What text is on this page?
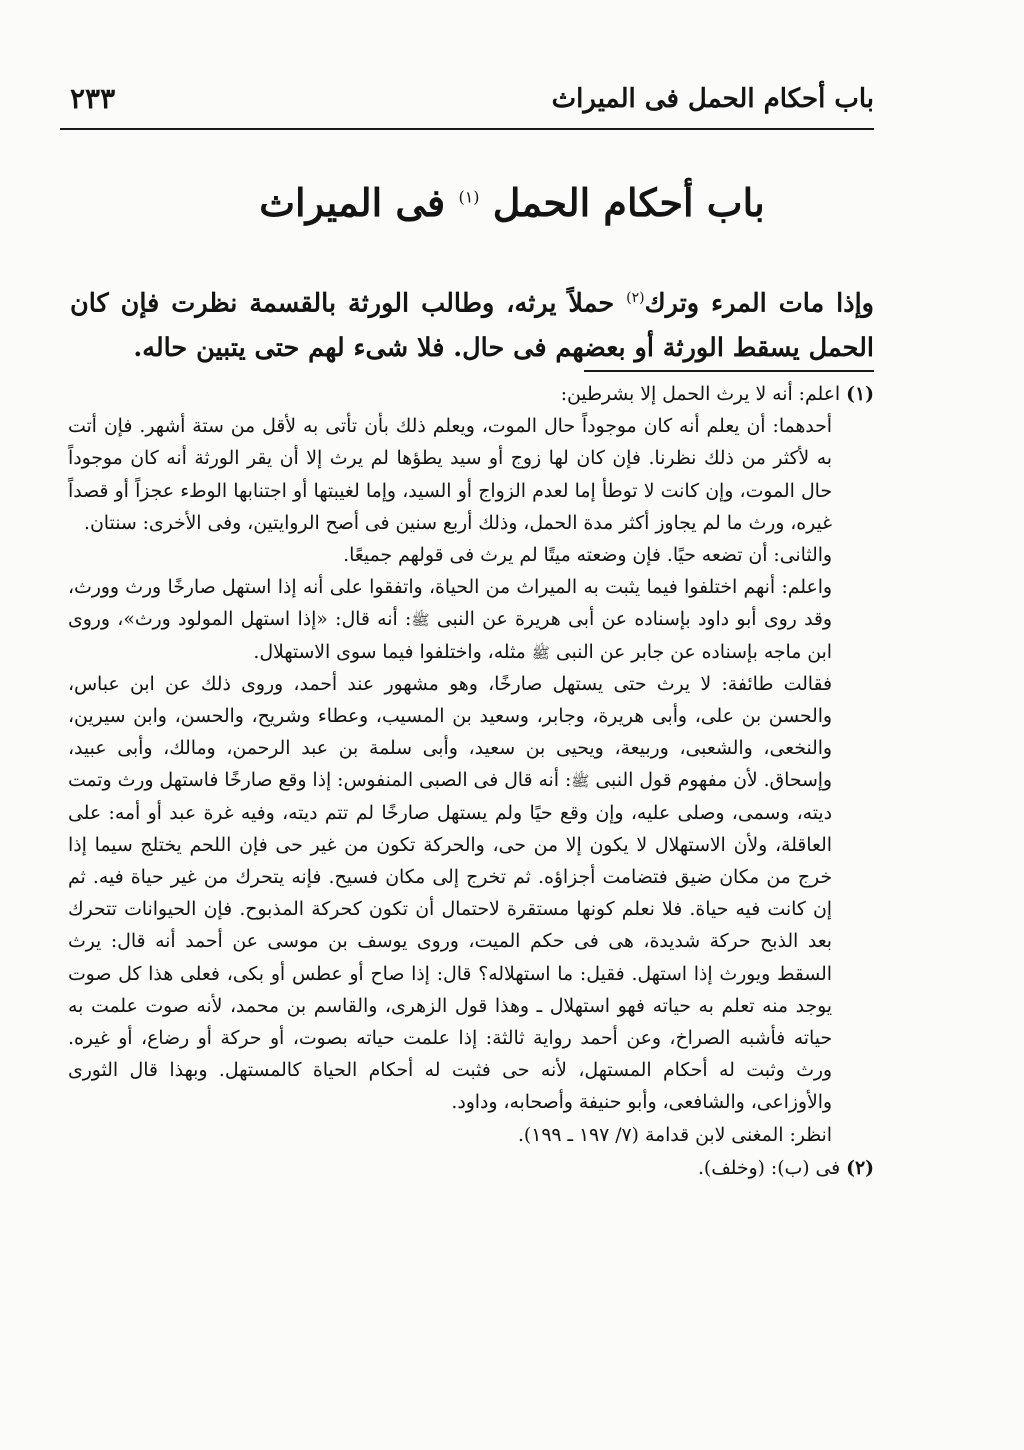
باب أحكام الحمل فى الميراث
٢٣٣
باب أحكام الحمل $^{(١)}$ فى الميراث

وإذا مات المرء وترك$^{(٢)}$ حملاً يرثه، وطالب الورثة بالقسمة نظرت فإن كان الحمل يسقط الورثة أو بعضهم فى حال. فلا شىء لهم حتى يتبين حاله.

(١) اعلم: أنه لا يرث الحمل إلا بشرطين:

أحدهما: أن يعلم أنه كان موجوداً حال الموت، ويعلم ذلك بأن تأتى به لأقل من ستة أشهر. فإن أتت به لأكثر من ذلك نظرنا. فإن كان لها زوج أو سيد يطؤها لم يرث إلا أن يقر الورثة أنه كان موجوداً حال الموت، وإن كانت لا توطأ إما لعدم الزواج أو السيد، وإما لغيبتها أو اجتنابها الوطء عجزاً أو قصداً غيره، ورث ما لم يجاوز أكثر مدة الحمل، وذلك أربع سنين فى أصح الروايتين، وفى الأخرى: سنتان.

والثانى: أن تضعه حيًا. فإن وضعته ميتًا لم يرث فى قولهم جميعًا.

واعلم: أنهم اختلفوا فيما يثبت به الميراث من الحياة، واتفقوا على أنه إذا استهل صارخًا ورث وورث، وقد روى أبو داود بإسناده عن أبى هريرة عن النبى ﷺ: أنه قال: «إذا استهل المولود ورث»، وروى ابن ماجه بإسناده عن جابر عن النبى ﷺ مثله، واختلفوا فيما سوى الاستهلال.

فقالت طائفة: لا يرث حتى يستهل صارخًا، وهو مشهور عند أحمد، وروى ذلك عن ابن عباس، والحسن بن على، وأبى هريرة، وجابر، وسعيد بن المسيب، وعطاء وشريح، والحسن، وابن سيرين، والنخعى، والشعبى، وربيعة، ويحيى بن سعيد، وأبى سلمة بن عبد الرحمن، ومالك، وأبى عبيد، وإسحاق. لأن مفهوم قول النبى ﷺ: أنه قال فى الصبى المنفوس: إذا وقع صارخًا فاستهل ورث وتمت ديته، وسمى، وصلى عليه، وإن وقع حيًا ولم يستهل صارخًا لم تتم ديته، وفيه غرة عبد أو أمه: على العاقلة، ولأن الاستهلال لا يكون إلا من حى، والحركة تكون من غير حى فإن اللحم يختلج سيما إذا خرج من مكان ضيق فتضامت أجزاؤه. ثم تخرج إلى مكان فسيح. فإنه يتحرك من غير حياة فيه. ثم إن كانت فيه حياة. فلا نعلم كونها مستقرة لاحتمال أن تكون كحركة المذبوح. فإن الحيوانات تتحرك بعد الذبح حركة شديدة، هى فى حكم الميت، وروى يوسف بن موسى عن أحمد أنه قال: يرث السقط ويورث إذا استهل. فقيل: ما استهلاله؟ قال: إذا صاح أو عطس أو بكى، فعلى هذا كل صوت يوجد منه تعلم به حياته فهو استهلال ـ وهذا قول الزهرى، والقاسم بن محمد، لأنه صوت علمت به حياته فأشبه الصراخ، وعن أحمد رواية ثالثة: إذا علمت حياته بصوت، أو حركة أو رضاع، أو غيره. ورث وثبت له أحكام المستهل، لأنه حى فثبت له أحكام الحياة كالمستهل. وبهذا قال الثورى والأوزاعى، والشافعى، وأبو حنيفة وأصحابه، وداود.

انظر: المغنى لابن قدامة (٧/ ١٩٧ ـ ١٩٩).

(٢) فى (ب): (وخلف).
